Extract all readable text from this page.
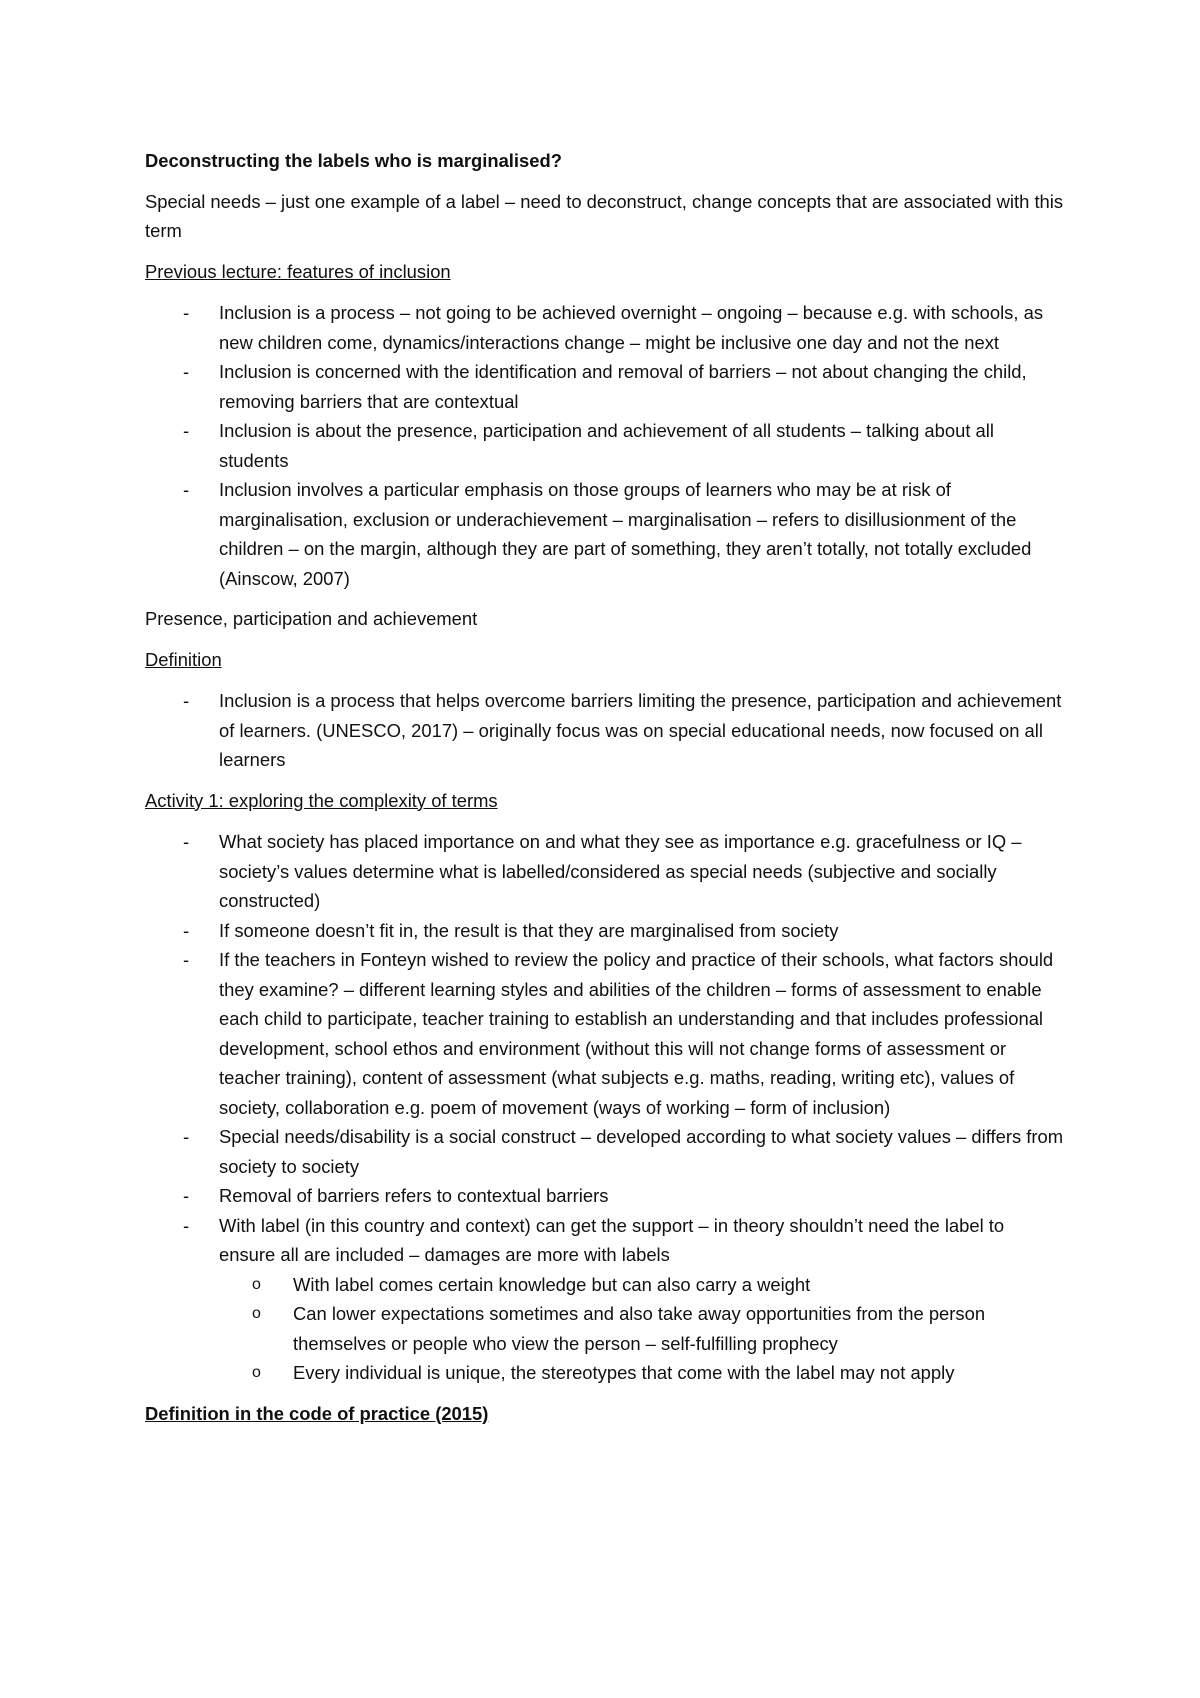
Deconstructing the labels who is marginalised?

Special needs – just one example of a label – need to deconstruct, change concepts that are associated with this term

Previous lecture: features of inclusion

- Inclusion is a process – not going to be achieved overnight – ongoing – because e.g. with schools, as new children come, dynamics/interactions change – might be inclusive one day and not the next
- Inclusion is concerned with the identification and removal of barriers – not about changing the child, removing barriers that are contextual
- Inclusion is about the presence, participation and achievement of all students – talking about all students
- Inclusion involves a particular emphasis on those groups of learners who may be at risk of marginalisation, exclusion or underachievement – marginalisation – refers to disillusionment of the children – on the margin, although they are part of something, they aren’t totally, not totally excluded
(Ainscow, 2007)

Presence, participation and achievement

Definition

- Inclusion is a process that helps overcome barriers limiting the presence, participation and achievement of learners. (UNESCO, 2017) – originally focus was on special educational needs, now focused on all learners

Activity 1: exploring the complexity of terms

- What society has placed importance on and what they see as importance e.g. gracefulness or IQ – society’s values determine what is labelled/considered as special needs (subjective and socially constructed)
- If someone doesn’t fit in, the result is that they are marginalised from society
- If the teachers in Fonteyn wished to review the policy and practice of their schools, what factors should they examine? – different learning styles and abilities of the children – forms of assessment to enable each child to participate, teacher training to establish an understanding and that includes professional development, school ethos and environment (without this will not change forms of assessment or teacher training), content of assessment (what subjects e.g. maths, reading, writing etc), values of society, collaboration e.g. poem of movement (ways of working – form of inclusion)
- Special needs/disability is a social construct – developed according to what society values – differs from society to society
- Removal of barriers refers to contextual barriers
- With label (in this country and context) can get the support – in theory shouldn’t need the label to ensure all are included – damages are more with labels
o With label comes certain knowledge but can also carry a weight
o Can lower expectations sometimes and also take away opportunities from the person themselves or people who view the person – self-fulfilling prophecy
o Every individual is unique, the stereotypes that come with the label may not apply

Definition in the code of practice (2015)
